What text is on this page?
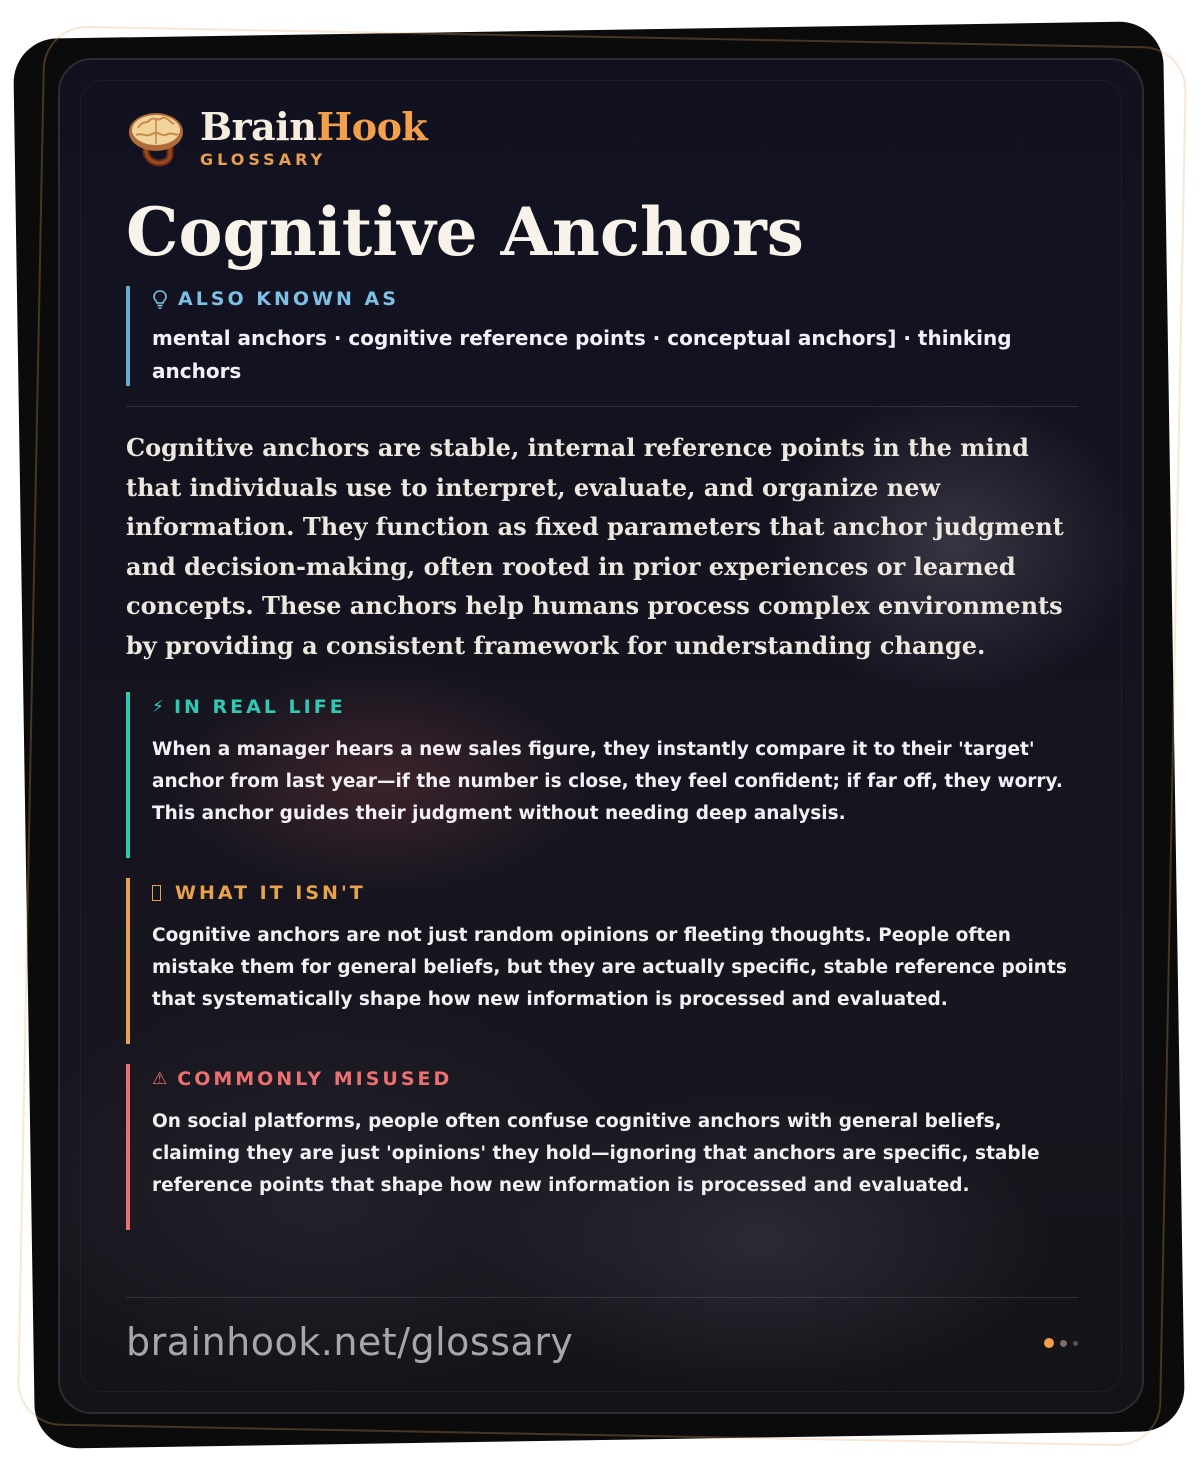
BrainHook
GLOSSARY
Cognitive Anchors
ALSO KNOWN AS
mental anchors · cognitive reference points · conceptual anchors] · thinking anchors
Cognitive anchors are stable, internal reference points in the mind that individuals use to interpret, evaluate, and organize new information. They function as fixed parameters that anchor judgment and decision-making, often rooted in prior experiences or learned concepts. These anchors help humans process complex environments by providing a consistent framework for understanding change.
⚡ IN REAL LIFE
When a manager hears a new sales figure, they instantly compare it to their 'target' anchor from last year—if the number is close, they feel confident; if far off, they worry. This anchor guides their judgment without needing deep analysis.
WHAT IT ISN'T
Cognitive anchors are not just random opinions or fleeting thoughts. People often mistake them for general beliefs, but they are actually specific, stable reference points that systematically shape how new information is processed and evaluated.
⚠ COMMONLY MISUSED
On social platforms, people often confuse cognitive anchors with general beliefs, claiming they are just 'opinions' they hold—ignoring that anchors are specific, stable reference points that shape how new information is processed and evaluated.
brainhook.net/glossary
